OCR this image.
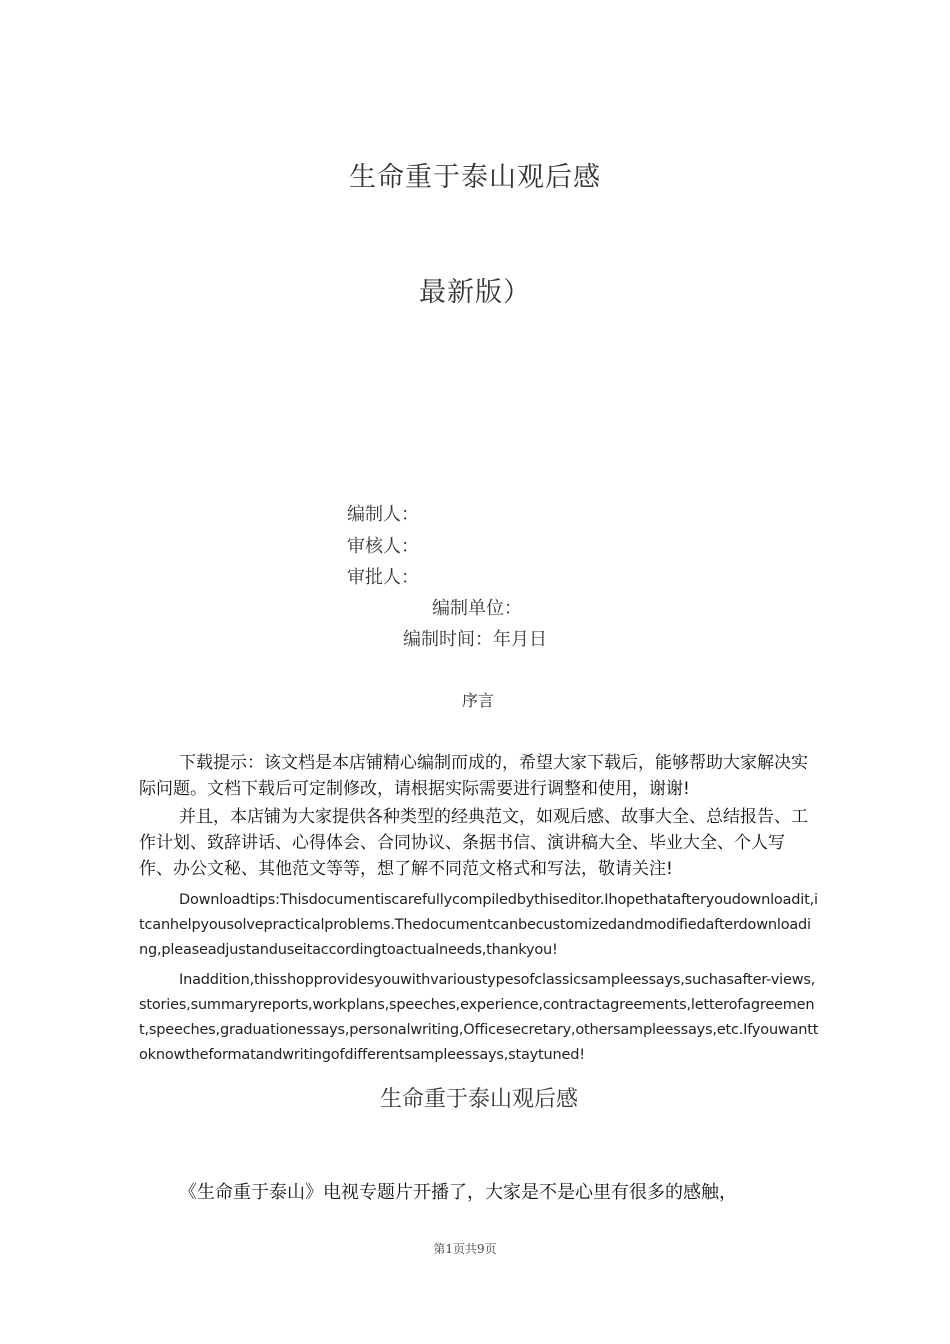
生命重于泰山观后感
最新版）
编制人：
审核人：
审批人：
编制单位：
编制时间：年月日
序言
下载提示：该文档是本店铺精心编制而成的，希望大家下载后，能够帮助大家解决实际问题。文档下载后可定制修改，请根据实际需要进行调整和使用，谢谢!
并且，本店铺为大家提供各种类型的经典范文，如观后感、故事大全、总结报告、工作计划、致辞讲话、心得体会、合同协议、条据书信、演讲稿大全、毕业大全、个人写作、办公文秘、其他范文等等，想了解不同范文格式和写法，敬请关注!
Downloadtips:Thisdocumentiscarefullycompiledbythiseditor.Ihopethatafteryoudownloadit,itcanhelpyousolvepracticalproblems.Thedocumentcanbecustomizedandmodifiedafterdownloading,pleaseadjustanduseitaccordingtoactualneeds,thankyou!
Inaddition,thisshopprovidesyouwithvarioustypesofclassicsampleessays,suchasafter-views,stories,summaryreports,workplans,speeches,experience,contractagreements,letterofagreement,speeches,graduationessays,personalwriting,Officesecretary,othersampleessays,etc.Ifyouwanttoknowtheformatandwritingofdifferentsampleessays,staytuned!
生命重于泰山观后感
《生命重于泰山》电视专题片开播了，大家是不是心里有很多的感触，
第1页共9页
